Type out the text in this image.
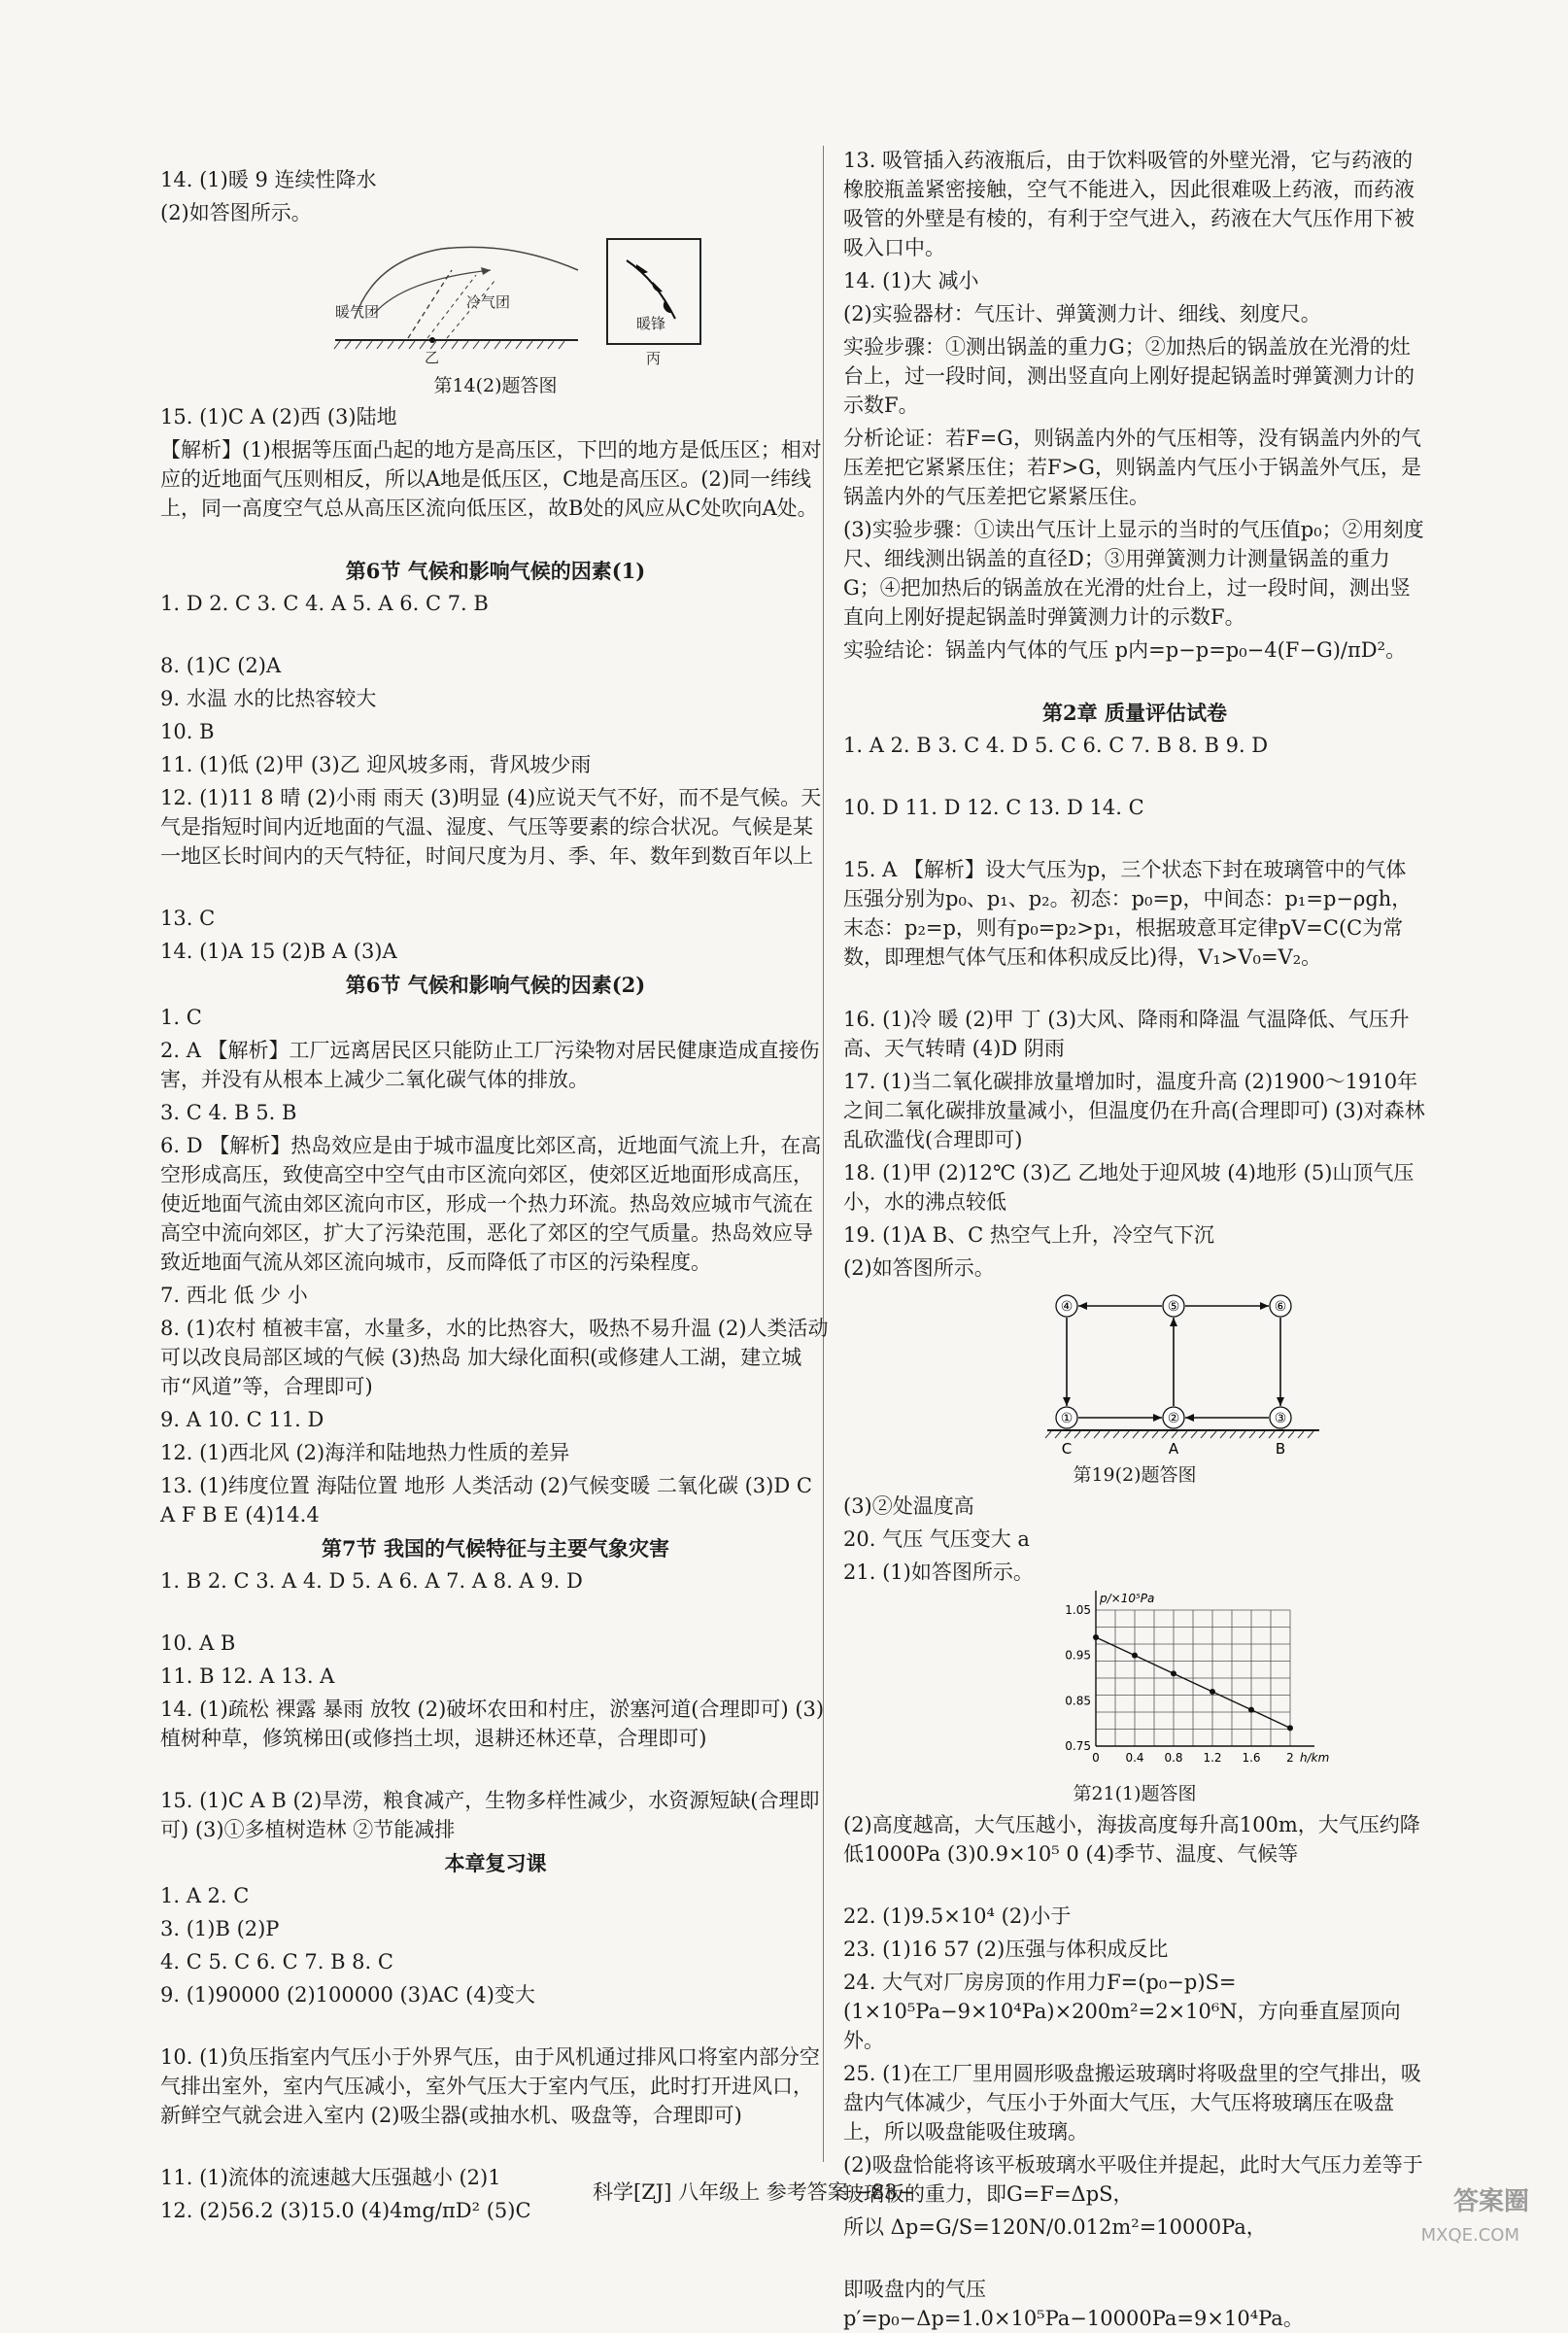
14. (1)暖 9 连续性降水
(2)如答图所示。
暖气团
冷气团
乙
暖锋
丙
第14(2)题答图
15. (1)C A (2)西 (3)陆地
【解析】(1)根据等压面凸起的地方是高压区，下凹的地方是低压区；相对应的近地面气压则相反，所以A地是低压区，C地是高压区。(2)同一纬线上，同一高度空气总从高压区流向低压区，故B处的风应从C处吹向A处。
第6节 气候和影响气候的因素(1)
1. D 2. C 3. C 4. A 5. A 6. C 7. B
8. (1)C (2)A
9. 水温 水的比热容较大
10. B
11. (1)低 (2)甲 (3)乙 迎风坡多雨，背风坡少雨
12. (1)11 8 晴 (2)小雨 雨天 (3)明显 (4)应说天气不好，而不是气候。天气是指短时间内近地面的气温、湿度、气压等要素的综合状况。气候是某一地区长时间内的天气特征，时间尺度为月、季、年、数年到数百年以上
13. C
14. (1)A 15 (2)B A (3)A
第6节 气候和影响气候的因素(2)
1. C
2. A 【解析】工厂远离居民区只能防止工厂污染物对居民健康造成直接伤害，并没有从根本上减少二氧化碳气体的排放。
3. C 4. B 5. B
6. D 【解析】热岛效应是由于城市温度比郊区高，近地面气流上升，在高空形成高压，致使高空中空气由市区流向郊区，使郊区近地面形成高压，使近地面气流由郊区流向市区，形成一个热力环流。热岛效应城市气流在高空中流向郊区，扩大了污染范围，恶化了郊区的空气质量。热岛效应导致近地面气流从郊区流向城市，反而降低了市区的污染程度。
7. 西北 低 少 小
8. (1)农村 植被丰富，水量多，水的比热容大，吸热不易升温 (2)人类活动可以改良局部区域的气候 (3)热岛 加大绿化面积(或修建人工湖，建立城市“风道”等，合理即可)
9. A 10. C 11. D
12. (1)西北风 (2)海洋和陆地热力性质的差异
13. (1)纬度位置 海陆位置 地形 人类活动 (2)气候变暖 二氧化碳 (3)D C A F B E (4)14.4
第7节 我国的气候特征与主要气象灾害
1. B 2. C 3. A 4. D 5. A 6. A 7. A 8. A 9. D
10. A B
11. B 12. A 13. A
14. (1)疏松 裸露 暴雨 放牧 (2)破坏农田和村庄，淤塞河道(合理即可) (3)植树种草，修筑梯田(或修挡土坝，退耕还林还草，合理即可)
15. (1)C A B (2)旱涝，粮食减产，生物多样性减少，水资源短缺(合理即可) (3)①多植树造林 ②节能减排
本章复习课
1. A 2. C
3. (1)B (2)P
4. C 5. C 6. C 7. B 8. C
9. (1)90000 (2)100000 (3)AC (4)变大
10. (1)负压指室内气压小于外界气压，由于风机通过排风口将室内部分空气排出室外，室内气压减小，室外气压大于室内气压，此时打开进风口，新鲜空气就会进入室内 (2)吸尘器(或抽水机、吸盘等，合理即可)
11. (1)流体的流速越大压强越小 (2)1
12. (2)56.2 (3)15.0 (4)4mg/πD² (5)C
13. 吸管插入药液瓶后，由于饮料吸管的外壁光滑，它与药液的橡胶瓶盖紧密接触，空气不能进入，因此很难吸上药液，而药液吸管的外壁是有棱的，有利于空气进入，药液在大气压作用下被吸入口中。
14. (1)大 减小
(2)实验器材：气压计、弹簧测力计、细线、刻度尺。
实验步骤：①测出锅盖的重力G；②加热后的锅盖放在光滑的灶台上，过一段时间，测出竖直向上刚好提起锅盖时弹簧测力计的示数F。
分析论证：若F=G，则锅盖内外的气压相等，没有锅盖内外的气压差把它紧紧压住；若F>G，则锅盖内气压小于锅盖外气压，是锅盖内外的气压差把它紧紧压住。
(3)实验步骤：①读出气压计上显示的当时的气压值p₀；②用刻度尺、细线测出锅盖的直径D；③用弹簧测力计测量锅盖的重力G；④把加热后的锅盖放在光滑的灶台上，过一段时间，测出竖直向上刚好提起锅盖时弹簧测力计的示数F。
实验结论：锅盖内气体的气压 p内=p−p=p₀−4(F−G)/πD²。
第2章 质量评估试卷
1. A 2. B 3. C 4. D 5. C 6. C 7. B 8. B 9. D
10. D 11. D 12. C 13. D 14. C
15. A 【解析】设大气压为p，三个状态下封在玻璃管中的气体压强分别为p₀、p₁、p₂。初态：p₀=p，中间态：p₁=p−ρgh，末态：p₂=p，则有p₀=p₂>p₁，根据玻意耳定律pV=C(C为常数，即理想气体气压和体积成反比)得，V₁>V₀=V₂。
16. (1)冷 暖 (2)甲 丁 (3)大风、降雨和降温 气温降低、气压升高、天气转晴 (4)D 阴雨
17. (1)当二氧化碳排放量增加时，温度升高 (2)1900～1910年之间二氧化碳排放量减小，但温度仍在升高(合理即可) (3)对森林乱砍滥伐(合理即可)
18. (1)甲 (2)12℃ (3)乙 乙地处于迎风坡 (4)地形 (5)山顶气压小，水的沸点较低
19. (1)A B、C 热空气上升，冷空气下沉
(2)如答图所示。
④	⑤	⑥
①	②	③
C	A	B
第19(2)题答图
(3)②处温度高
20. 气压 气压变大 a
21. (1)如答图所示。
0.75
0.85
0.95
1.05
0 0.4 0.8 1.2 1.6 2
p/×10⁵Pa
h/km
第21(1)题答图
(2)高度越高，大气压越小，海拔高度每升高100m，大气压约降低1000Pa (3)0.9×10⁵ 0 (4)季节、温度、气候等
22. (1)9.5×10⁴ (2)小于
23. (1)16 57 (2)压强与体积成反比
24. 大气对厂房房顶的作用力F=(p₀−p)S=(1×10⁵Pa−9×10⁴Pa)×200m²=2×10⁶N，方向垂直屋顶向外。
25. (1)在工厂里用圆形吸盘搬运玻璃时将吸盘里的空气排出，吸盘内气体减少，气压小于外面大气压，大气压将玻璃压在吸盘上，所以吸盘能吸住玻璃。
(2)吸盘恰能将该平板玻璃水平吸住并提起，此时大气压力差等于玻璃板的重力，即G=F=ΔpS，
所以 Δp=G/S=120N/0.012m²=10000Pa，
即吸盘内的气压 p′=p₀−Δp=1.0×10⁵Pa−10000Pa=9×10⁴Pa。
科学[ZJ] 八年级上 参考答案 −83−	答案圈
MXQE.COM
